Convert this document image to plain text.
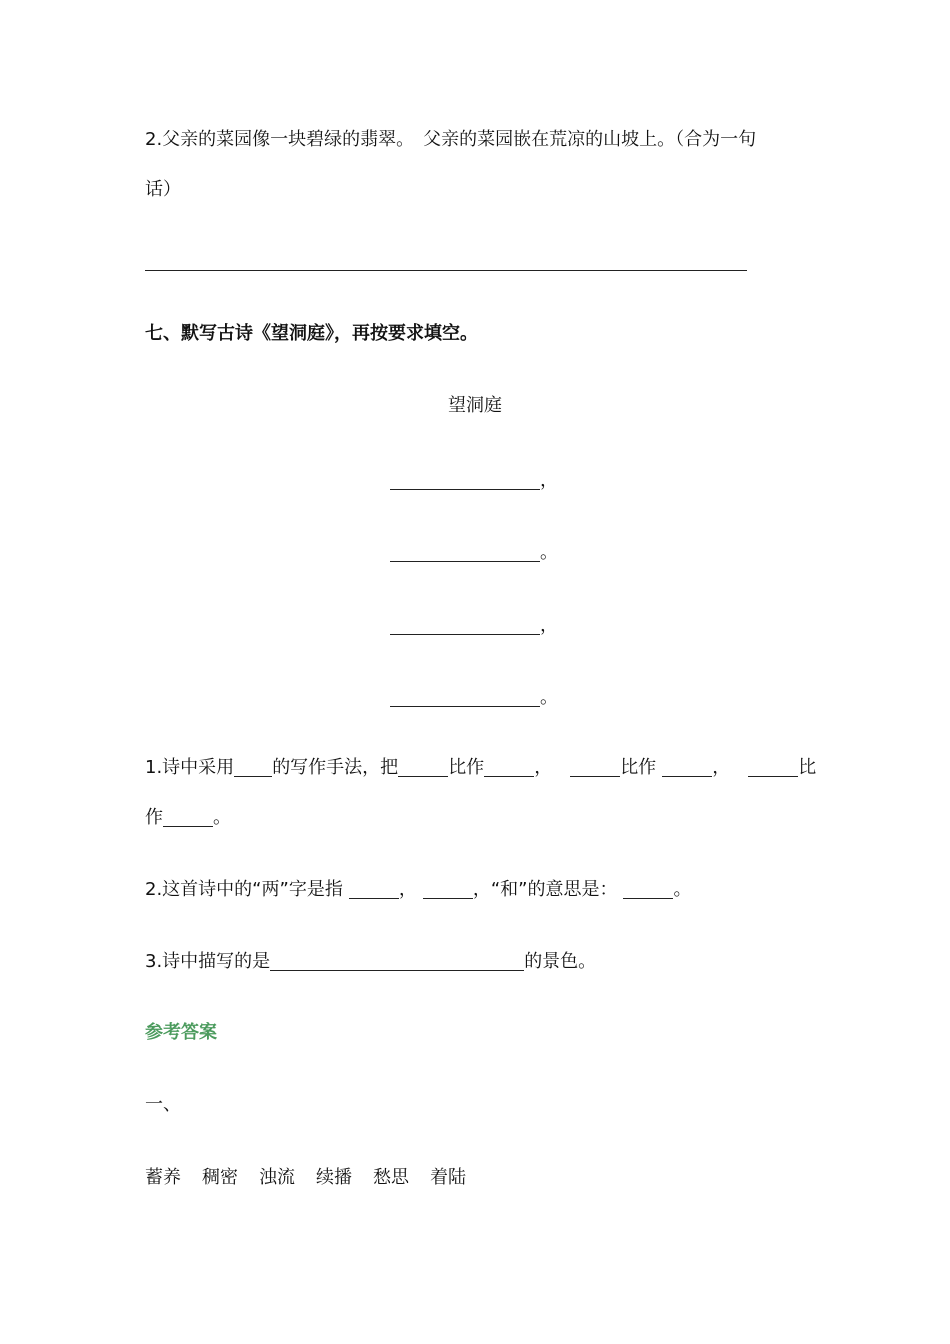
2.父亲的菜园像一块碧绿的翡翠。　父亲的菜园嵌在荒凉的山坡上。（合为一句
话）
七、默写古诗《望洞庭》，再按要求填空。
望洞庭
，
。
，
。
1.诗中采用 的写作手法，把	比作	，	比作	，	比
作	。
2.这首诗中的“两”字是指	，	，“和”的意思是：	。
3.诗中描写的是	的景色。
参考答案
一、
蓄养 稠密 浊流 续播 愁思 着陆
